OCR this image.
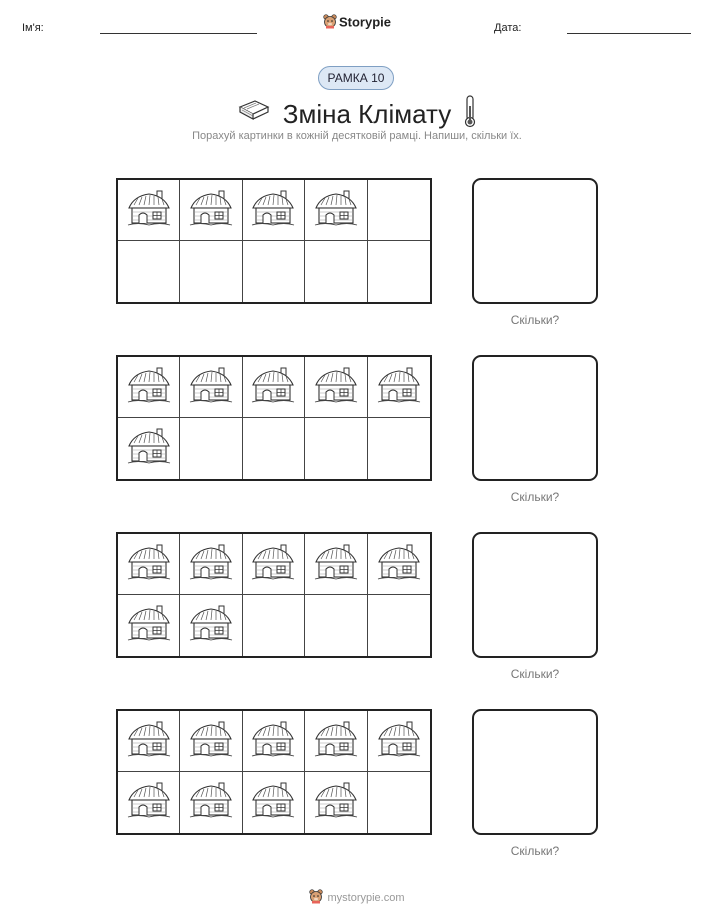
Ім'я:	Storypie	Дата:
РАМКА 10
Зміна Клімату
Порахуй картинки в кожній десятковій рамці. Напиши, скільки їх.
Скільки?
Скільки?
Скільки?
Скільки?
mystorypie.com
